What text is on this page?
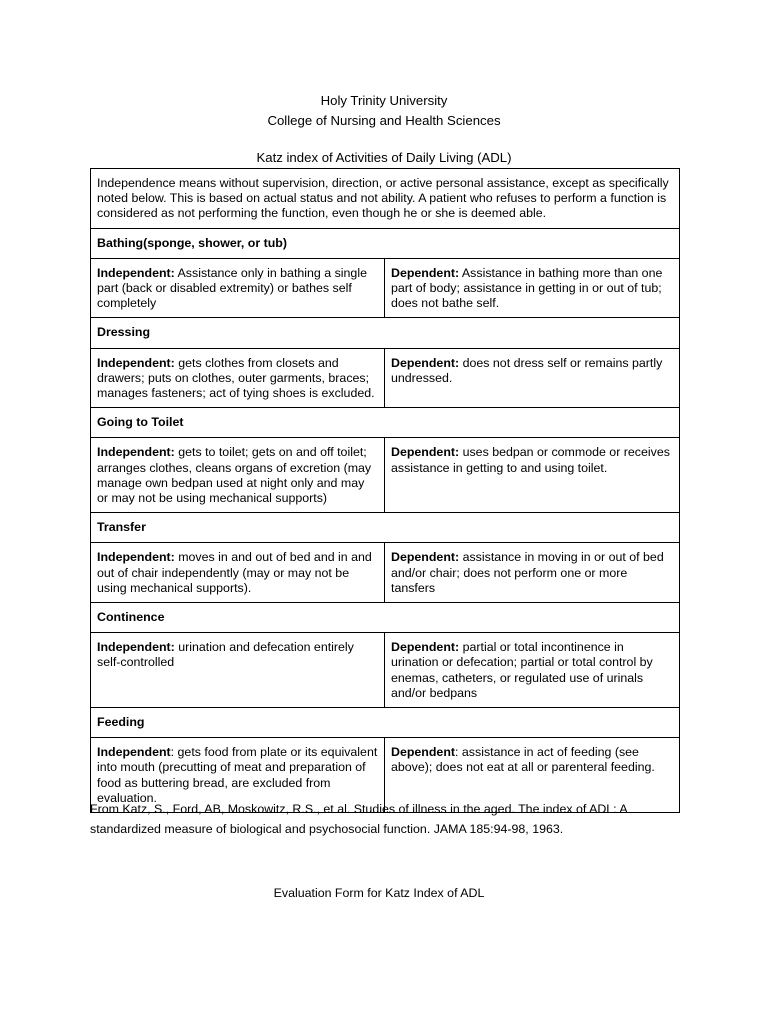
Holy Trinity University
College of Nursing and Health Sciences
Katz index of Activities of Daily Living (ADL)
Independence means without supervision, direction, or active personal assistance, except as specifically noted below. This is based on actual status and not ability. A patient who refuses to perform a function is considered as not performing the function, even though he or she is deemed able.	
Bathing(sponge, shower, or tub)	
Independent: Assistance only in bathing a single part (back or disabled extremity) or bathes self completely	Dependent: Assistance in bathing more than one part of body; assistance in getting in or out of tub; does not bathe self.
Dressing	
Independent: gets clothes from closets and drawers; puts on clothes, outer garments, braces; manages fasteners; act of tying shoes is excluded.	Dependent: does not dress self or remains partly undressed.
Going to Toilet	
Independent: gets to toilet; gets on and off toilet; arranges clothes, cleans organs of excretion (may manage own bedpan used at night only and may or may not be using mechanical supports)	Dependent: uses bedpan or commode or receives assistance in getting to and using toilet.
Transfer	
Independent: moves in and out of bed and in and out of chair independently (may or may not be using mechanical supports).	Dependent: assistance in moving in or out of bed and/or chair; does not perform one or more tansfers
Continence	
Independent: urination and defecation entirely self-controlled	Dependent: partial or total incontinence in urination or defecation; partial or total control by enemas, catheters, or regulated use of urinals and/or bedpans
Feeding	
Independent: gets food from plate or its equivalent into mouth (precutting of meat and preparation of food as buttering bread, are excluded from evaluation.	Dependent: assistance in act of feeding (see above); does not eat at all or parenteral feeding.
From Katz, S., Ford, AB, Moskowitz, R.S., et al. Studies of illness in the aged. The index of ADL: A standardized measure of biological and psychosocial function. JAMA 185:94-98, 1963.
Evaluation Form for Katz Index of ADL
